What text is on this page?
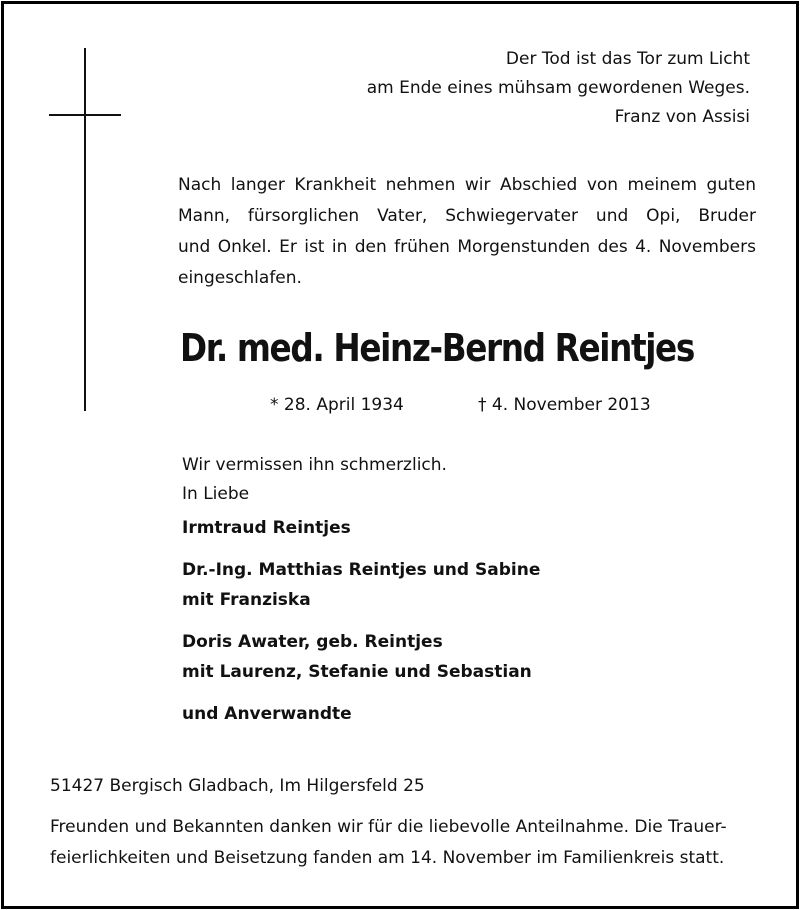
Der Tod ist das Tor zum Licht
am Ende eines mühsam gewordenen Weges.
Franz von Assisi
Nach langer Krankheit nehmen wir Abschied von meinem guten
Mann, fürsorglichen Vater, Schwiegervater und Opi, Bruder
und Onkel. Er ist in den frühen Morgenstunden des 4. Novembers
eingeschlafen.
Dr. med. Heinz-Bernd Reintjes
* 28. April 1934	† 4. November 2013
Wir vermissen ihn schmerzlich.
In Liebe
Irmtraud Reintjes
Dr.-Ing. Matthias Reintjes und Sabine
mit Franziska
Doris Awater, geb. Reintjes
mit Laurenz, Stefanie und Sebastian
und Anverwandte
51427 Bergisch Gladbach, Im Hilgersfeld 25
Freunden und Bekannten danken wir für die liebevolle Anteilnahme. Die Trauer-
feierlichkeiten und Beisetzung fanden am 14. November im Familienkreis statt.
